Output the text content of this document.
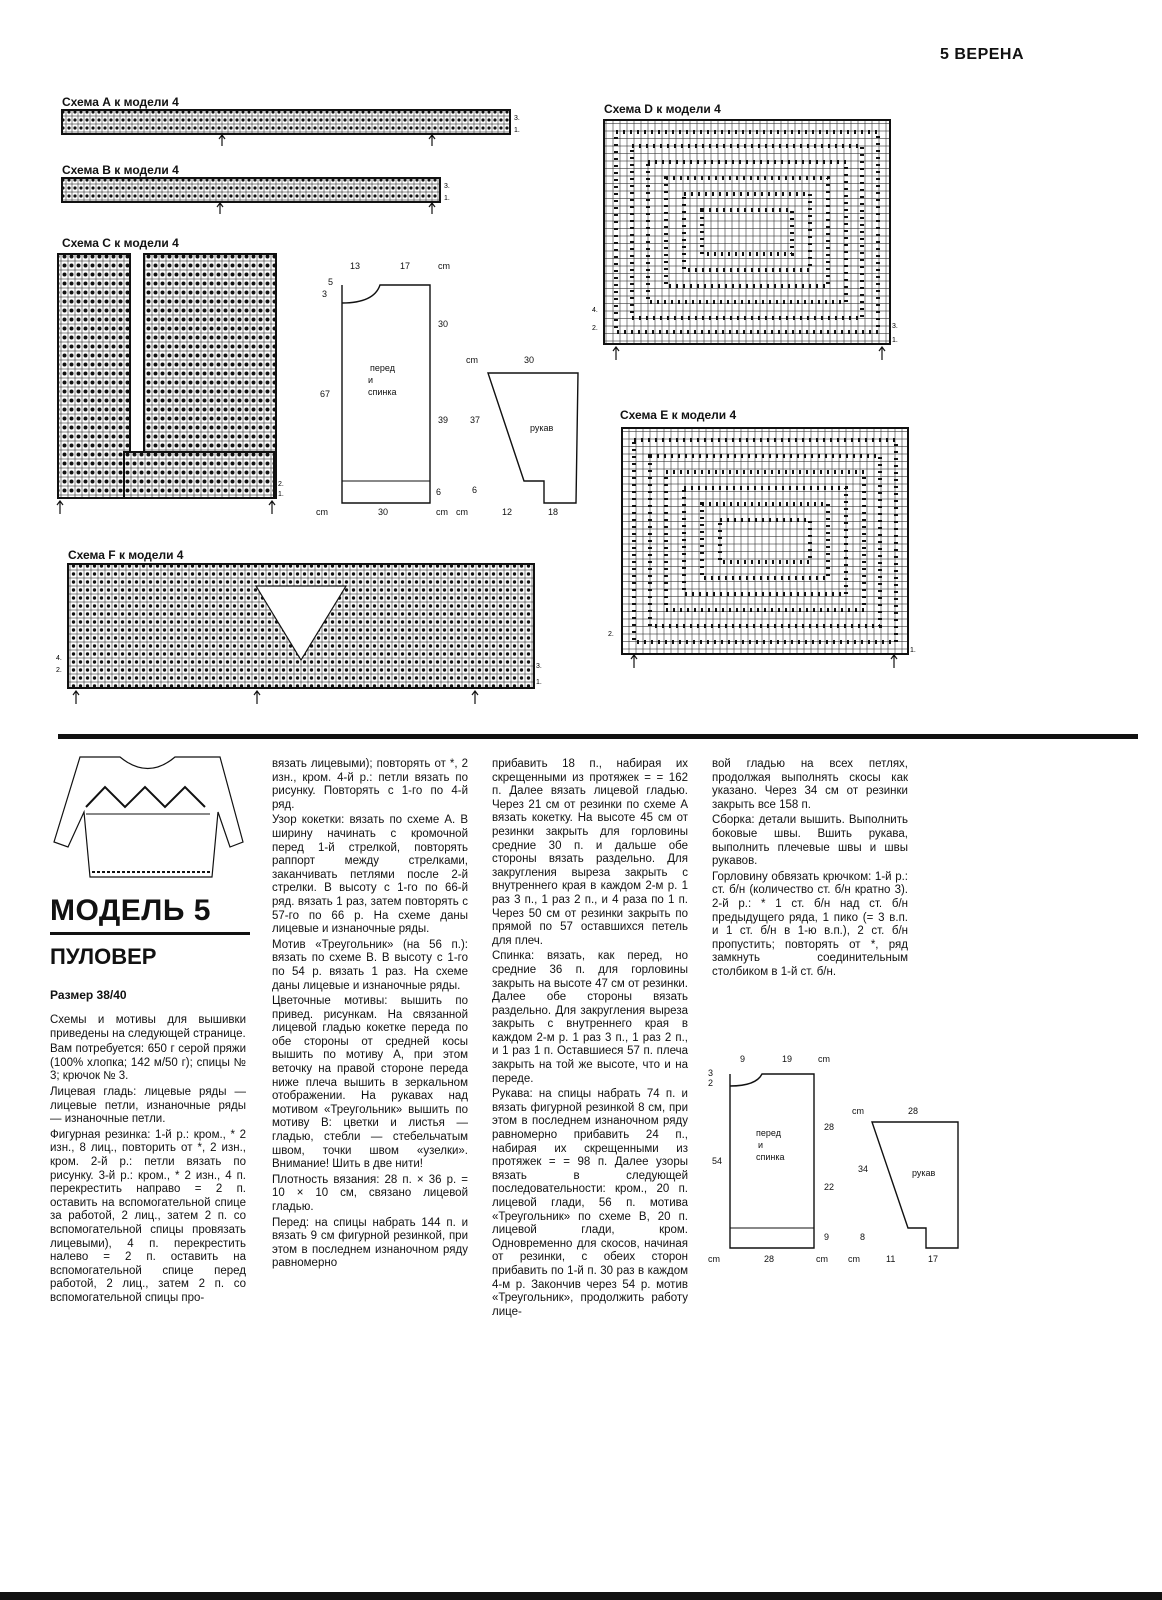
5 ВЕРЕНА
Схема А к модели 4
3.
1.
Схема В к модели 4
3.
1.
Схема С к модели 4
2.
1.
13	17	cm
5
3
30
39
6
67
cm	30	cm
перед
и
спинка
cm	30
37
рукав
6
cm	12	18
Схема D к модели 4
4.
2.	3.
1.
Схема Е к модели 4
2.
1.
Схема F к модели 4
4.
2.
3.
1.
МОДЕЛЬ 5
ПУЛОВЕР
Размер 38/40

Схемы и мотивы для вышивки приведены на следующей странице.

Вам потребуется: 650 г серой пряжи (100% хлопка; 142 м/50 г); спицы № 3; крючок № 3.

Лицевая гладь: лицевые ряды — лицевые петли, изнаночные ряды — изнаночные петли.

Фигурная резинка: 1-й р.: кром., * 2 изн., 8 лиц., повторить от *, 2 изн., кром. 2-й р.: петли вязать по рисунку. 3-й р.: кром., * 2 изн., 4 п. перекрестить направо = 2 п. оставить на вспомогательной спице за работой, 2 лиц., затем 2 п. со вспомогательной спицы провязать лицевыми), 4 п. перекрестить налево = 2 п. оставить на вспомогательной спице перед работой, 2 лиц., затем 2 п. со вспомогательной спицы про-

вязать лицевыми); повторять от *, 2 изн., кром. 4-й р.: петли вязать по рисунку. Повторять с 1-го по 4-й ряд.

Узор кокетки: вязать по схеме А. В ширину начинать с кромочной перед 1-й стрелкой, повторять раппорт между стрелками, заканчивать петлями после 2-й стрелки. В высоту с 1-го по 66-й ряд. вязать 1 раз, затем повторять с 57-го по 66 р. На схеме даны лицевые и изнаночные ряды.

Мотив «Треугольник» (на 56 п.): вязать по схеме В. В высоту с 1-го по 54 р. вязать 1 раз. На схеме даны лицевые и изнаночные ряды.

Цветочные мотивы: вышить по привед. рисункам. На связанной лицевой гладью кокетке переда по обе стороны от средней косы вышить по мотиву А, при этом веточку на правой стороне переда ниже плеча вышить в зеркальном отображении. На рукавах над мотивом «Треугольник» вышить по мотиву В: цветки и листья — гладью, стебли — стебельчатым швом, точки швом «узелки». Внимание! Шить в две нити!

Плотность вязания: 28 п. × 36 р. = 10 × 10 см, связано лицевой гладью.

Перед: на спицы набрать 144 п. и вязать 9 см фигурной резинкой, при этом в последнем изнаночном ряду равномерно

прибавить 18 п., набирая их скрещенными из протяжек = = 162 п. Далее вязать лицевой гладью. Через 21 см от резинки по схеме А вязать кокетку. На высоте 45 см от резинки закрыть для горловины средние 30 п. и дальше обе стороны вязать раздельно. Для закругления выреза закрыть с внутреннего края в каждом 2-м р. 1 раз 3 п., 1 раз 2 п., и 4 раза по 1 п. Через 50 см от резинки закрыть по прямой по 57 оставшихся петель для плеч.

Спинка: вязать, как перед, но средние 36 п. для горловины закрыть на высоте 47 см от резинки. Далее обе стороны вязать раздельно. Для закругления выреза закрыть с внутреннего края в каждом 2-м р. 1 раз 3 п., 1 раз 2 п., и 1 раз 1 п. Оставшиеся 57 п. плеча закрыть на той же высоте, что и на переде.

Рукава: на спицы набрать 74 п. и вязать фигурной резинкой 8 см, при этом в последнем изнаночном ряду равномерно прибавить 24 п., набирая их скрещенными из протяжек = = 98 п. Далее узоры вязать в следующей последовательности: кром., 20 п. лицевой глади, 56 п. мотива «Треугольник» по схеме В, 20 п. лицевой глади, кром. Одновременно для скосов, начиная от резинки, с обеих сторон прибавить по 1-й п. 30 раз в каждом 4-м р. Закончив через 54 р. мотив «Треугольник», продолжить работу лице-

вой гладью на всех петлях, продолжая выполнять скосы как указано. Через 34 см от резинки закрыть все 158 п.

Сборка: детали вышить. Выполнить боковые швы. Вшить рукава, выполнить плечевые швы и швы рукавов.

Горловину обвязать крючком: 1-й р.: ст. б/н (количество ст. б/н кратно 3). 2-й р.: * 1 ст. б/н над ст. б/н предыдущего ряда, 1 пико (= 3 в.п. и 1 ст. б/н в 1-ю в.п.), 2 ст. б/н пропустить; повторять от *, ряд замкнуть соединительным столбиком в 1-й ст. б/н.

9	19	cm
3
2
28
22
9
54
cm	28	cm
перед
и
спинка
cm	28
34	рукав
8
cm	11	17
